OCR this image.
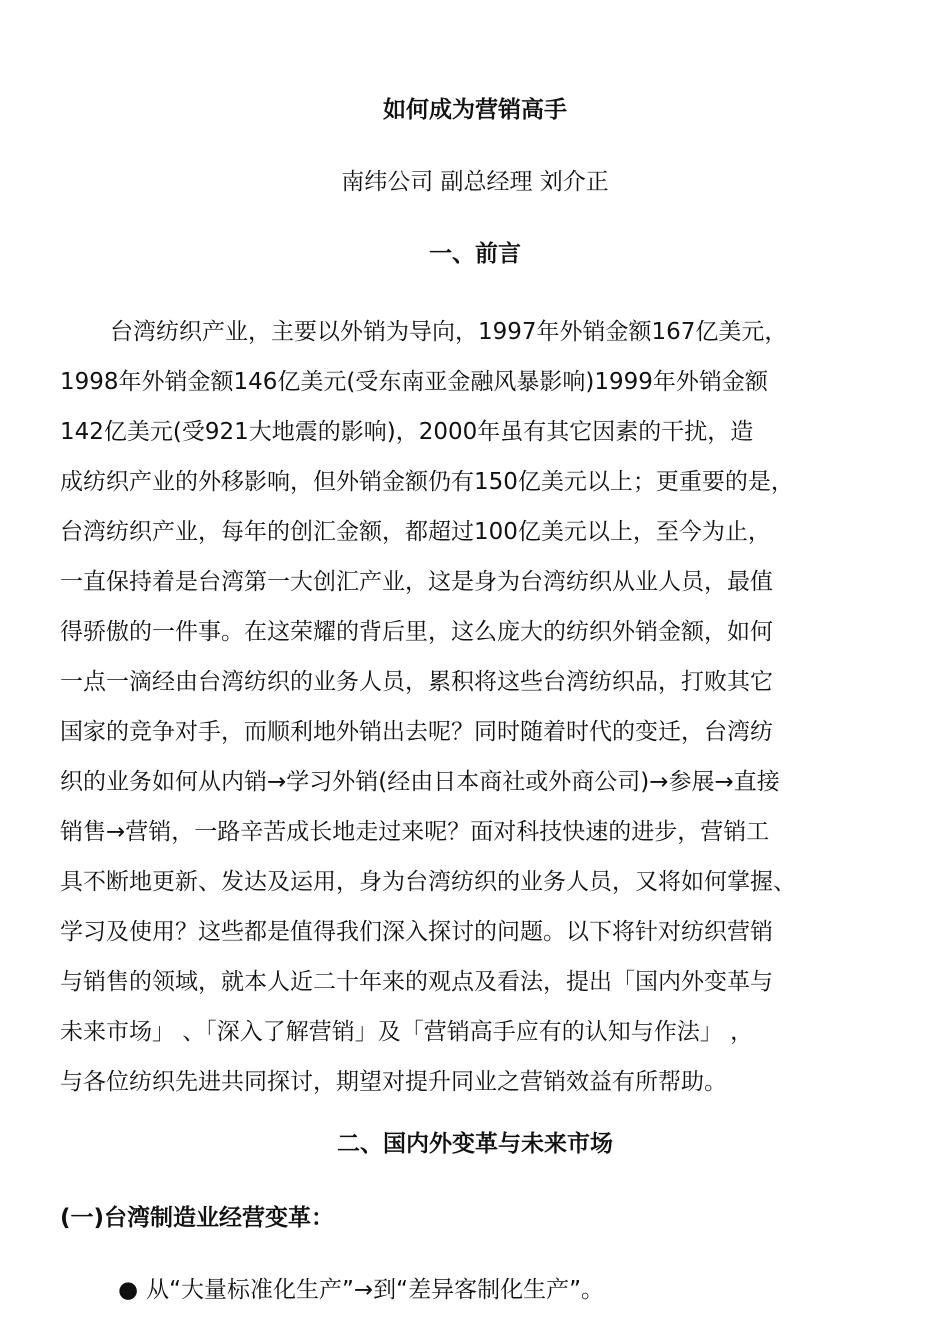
如何成为营销高手
南纬公司 副总经理 刘介正
一、前言
台湾纺织产业，主要以外销为导向，1997年外销金额167亿美元，
1998年外销金额146亿美元(受东南亚金融风暴影响)1999年外销金额
142亿美元(受921大地震的影响)，2000年虽有其它因素的干扰，造
成纺织产业的外移影响，但外销金额仍有150亿美元以上；更重要的是，
台湾纺织产业，每年的创汇金额，都超过100亿美元以上，至今为止，
一直保持着是台湾第一大创汇产业，这是身为台湾纺织从业人员，最值
得骄傲的一件事。在这荣耀的背后里，这么庞大的纺织外销金额，如何
一点一滴经由台湾纺织的业务人员，累积将这些台湾纺织品，打败其它
国家的竞争对手，而顺利地外销出去呢？同时随着时代的变迁，台湾纺
织的业务如何从内销→学习外销(经由日本商社或外商公司)→参展→直接
销售→营销，一路辛苦成长地走过来呢？面对科技快速的进步，营销工
具不断地更新、发达及运用，身为台湾纺织的业务人员，又将如何掌握、
学习及使用？这些都是值得我们深入探讨的问题。以下将针对纺织营销
与销售的领域，就本人近二十年来的观点及看法，提出「国内外变革与
未来市场」 、「深入了解营销」及「营销高手应有的认知与作法」 ，
与各位纺织先进共同探讨，期望对提升同业之营销效益有所帮助。
二、国内外变革与未来市场
(一)台湾制造业经营变革：
● 从“大量标准化生产”→到“差异客制化生产”。
